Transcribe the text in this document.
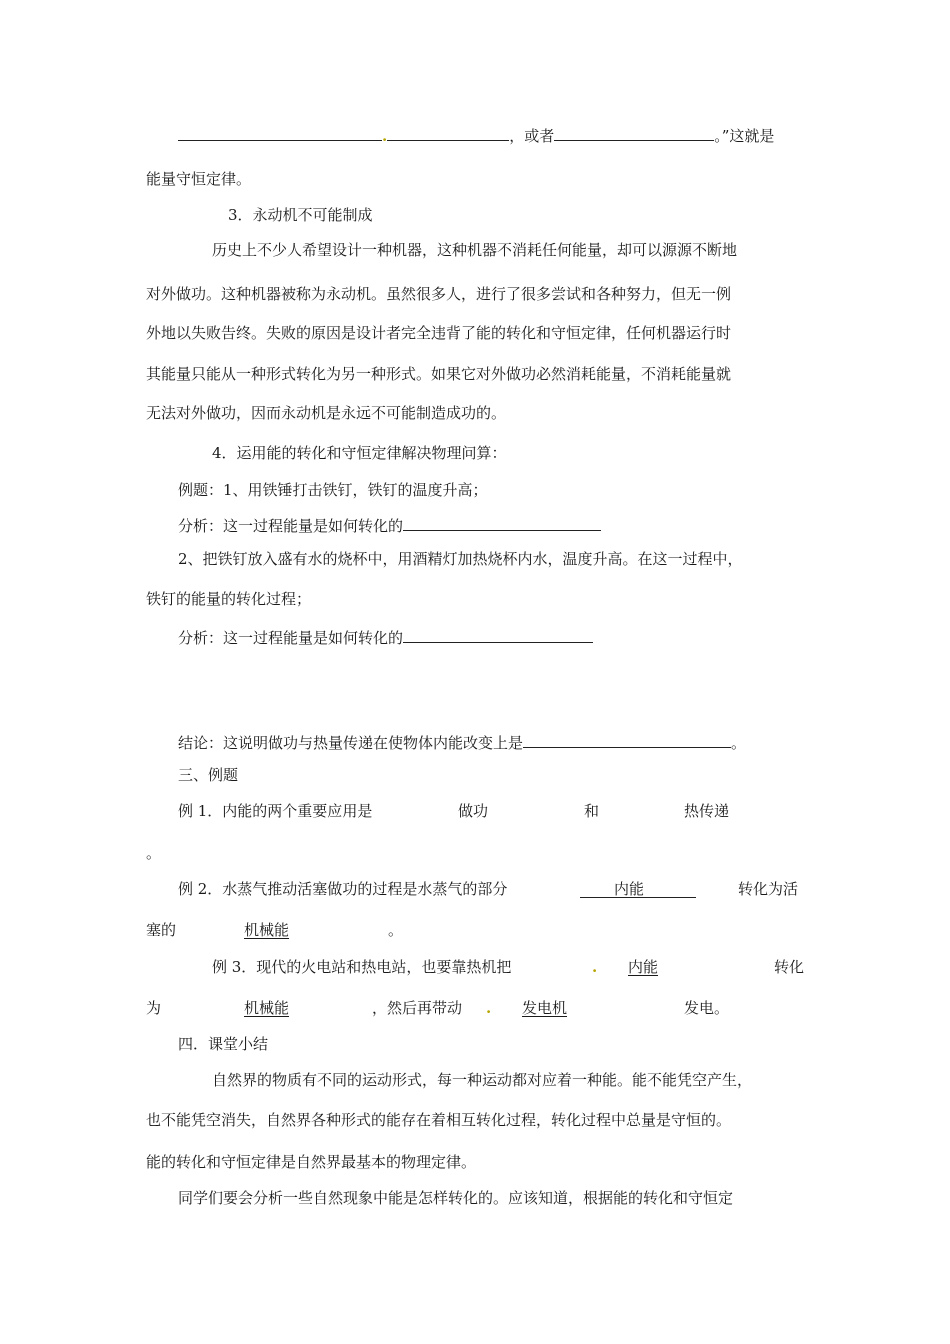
.	，或者	。”这就是
能量守恒定律。
3．永动机不可能制成
历史上不少人希望设计一种机器，这种机器不消耗任何能量，却可以源源不断地
对外做功。这种机器被称为永动机。虽然很多人，进行了很多尝试和各种努力，但无一例
外地以失败告终。失败的原因是设计者完全违背了能的转化和守恒定律，任何机器运行时
其能量只能从一种形式转化为另一种形式。如果它对外做功必然消耗能量，不消耗能量就
无法对外做功，因而永动机是永远不可能制造成功的。
4．运用能的转化和守恒定律解决物理问算：
例题：1、用铁锤打击铁钉，铁钉的温度升高；
分析：这一过程能量是如何转化的
2、把铁钉放入盛有水的烧杯中，用酒精灯加热烧杯内水，温度升高。在这一过程中，
铁钉的能量的转化过程；
分析：这一过程能量是如何转化的
结论：这说明做功与热量传递在使物体内能改变上是	。
三、例题
例 1．内能的两个重要应用是	做功	和	热传递
。
例 2．水蒸气推动活塞做功的过程是水蒸气的部分	内能	转化为活
塞的	机械能	。
例 3．现代的火电站和热电站，也要靠热机把	. 内能	转化
为	机械能	，然后再带动 . 发电机	发电。
四．课堂小结
自然界的物质有不同的运动形式，每一种运动都对应着一种能。能不能凭空产生，
也不能凭空消失，自然界各种形式的能存在着相互转化过程，转化过程中总量是守恒的。
能的转化和守恒定律是自然界最基本的物理定律。
同学们要会分析一些自然现象中能是怎样转化的。应该知道，根据能的转化和守恒定
